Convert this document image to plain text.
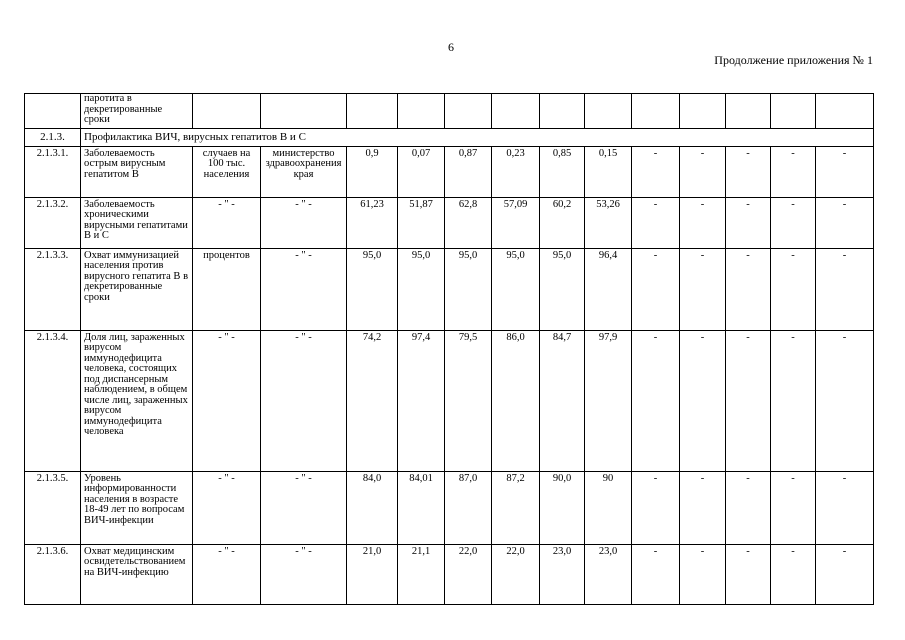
6
Продолжение приложения № 1
	паротита в декретированные сроки													
2.1.3.	Профилактика ВИЧ, вирусных гепатитов В и С													
2.1.3.1.	Заболеваемость острым вирусным гепатитом В	случаев на 100 тыс. населения	министерство здравоохранения края	0,9	0,07	0,87	0,23	0,85	0,15	-	-	-	-	-
2.1.3.2.	Заболеваемость хроническими вирусными гепатитами В и С	- " -	- " -	61,23	51,87	62,8	57,09	60,2	53,26	-	-	-	-	-
2.1.3.3.	Охват иммунизацией населения против вирусного гепатита В в декретированные сроки	процентов	- " -	95,0	95,0	95,0	95,0	95,0	96,4	-	-	-	-	-
2.1.3.4.	Доля лиц, зараженных вирусом иммунодефицита человека, состоящих под диспансерным наблюдением, в общем числе лиц, зараженных вирусом иммунодефицита человека	- " -	- " -	74,2	97,4	79,5	86,0	84,7	97,9	-	-	-	-	-
2.1.3.5.	Уровень информированности населения в возрасте 18-49 лет по вопросам ВИЧ-инфекции	- " -	- " -	84,0	84,01	87,0	87,2	90,0	90	-	-	-	-	-
2.1.3.6.	Охват медицинским освидетельствованием на ВИЧ-инфекцию	- " -	- " -	21,0	21,1	22,0	22,0	23,0	23,0	-	-	-	-	-
